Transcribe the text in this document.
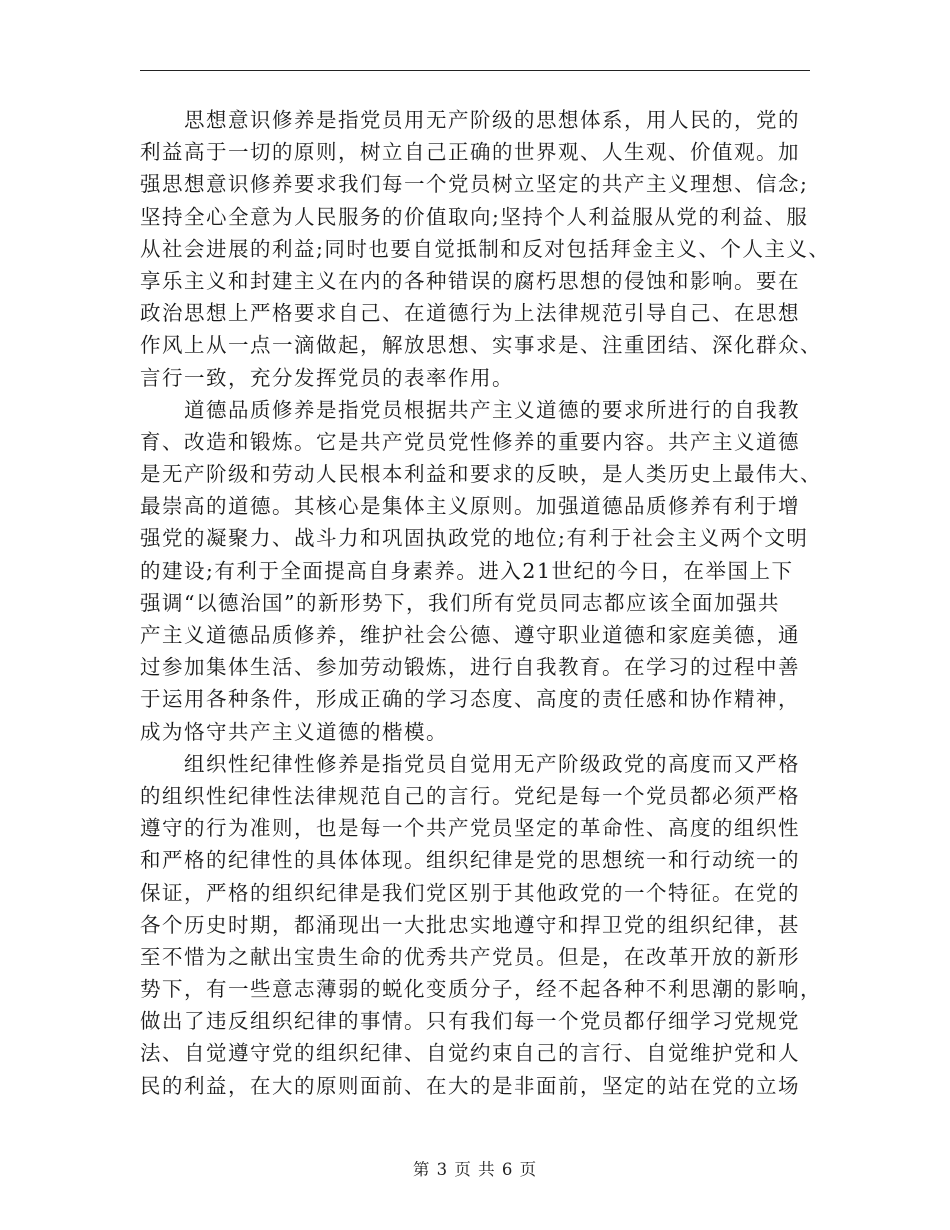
思想意识修养是指党员用无产阶级的思想体系，用人民的，党的
利益高于一切的原则，树立自己正确的世界观、人生观、价值观。加
强思想意识修养要求我们每一个党员树立坚定的共产主义理想、信念;
坚持全心全意为人民服务的价值取向;坚持个人利益服从党的利益、服
从社会进展的利益;同时也要自觉抵制和反对包括拜金主义、个人主义、
享乐主义和封建主义在内的各种错误的腐朽思想的侵蚀和影响。要在
政治思想上严格要求自己、在道德行为上法律规范引导自己、在思想
作风上从一点一滴做起，解放思想、实事求是、注重团结、深化群众、
言行一致，充分发挥党员的表率作用。
道德品质修养是指党员根据共产主义道德的要求所进行的自我教
育、改造和锻炼。它是共产党员党性修养的重要内容。共产主义道德
是无产阶级和劳动人民根本利益和要求的反映，是人类历史上最伟大、
最崇高的道德。其核心是集体主义原则。加强道德品质修养有利于增
强党的凝聚力、战斗力和巩固执政党的地位;有利于社会主义两个文明
的建设;有利于全面提高自身素养。进入21世纪的今日，在举国上下
强调“以德治国”的新形势下，我们所有党员同志都应该全面加强共
产主义道德品质修养，维护社会公德、遵守职业道德和家庭美德，通
过参加集体生活、参加劳动锻炼，进行自我教育。在学习的过程中善
于运用各种条件，形成正确的学习态度、高度的责任感和协作精神，
成为恪守共产主义道德的楷模。
组织性纪律性修养是指党员自觉用无产阶级政党的高度而又严格
的组织性纪律性法律规范自己的言行。党纪是每一个党员都必须严格
遵守的行为准则，也是每一个共产党员坚定的革命性、高度的组织性
和严格的纪律性的具体体现。组织纪律是党的思想统一和行动统一的
保证，严格的组织纪律是我们党区别于其他政党的一个特征。在党的
各个历史时期，都涌现出一大批忠实地遵守和捍卫党的组织纪律，甚
至不惜为之献出宝贵生命的优秀共产党员。但是，在改革开放的新形
势下，有一些意志薄弱的蜕化变质分子，经不起各种不利思潮的影响，
做出了违反组织纪律的事情。只有我们每一个党员都仔细学习党规党
法、自觉遵守党的组织纪律、自觉约束自己的言行、自觉维护党和人
民的利益，在大的原则面前、在大的是非面前，坚定的站在党的立场
第 3 页 共 6 页
